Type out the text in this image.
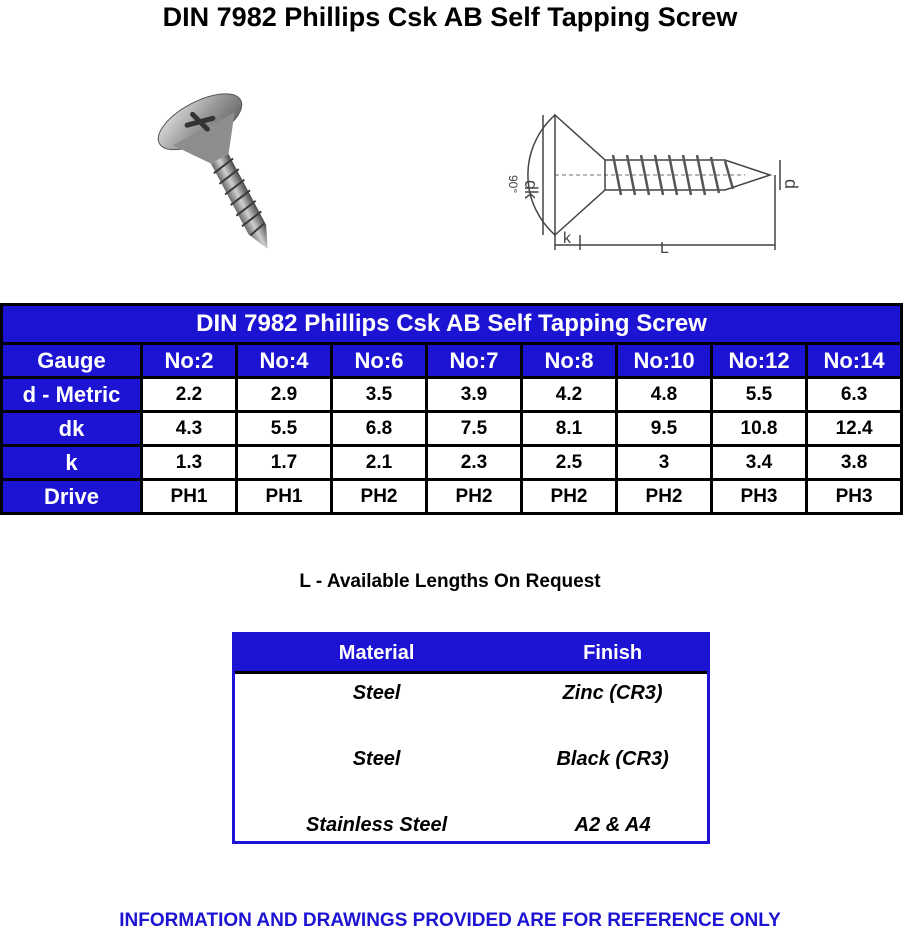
DIN 7982 Phillips Csk AB Self Tapping Screw
90° dk	d
k
L
DIN 7982 Phillips Csk AB Self Tapping Screw								
Gauge	No:2	No:4	No:6	No:7	No:8	No:10	No:12	No:14
d - Metric	2.2	2.9	3.5	3.9	4.2	4.8	5.5	6.3
dk	4.3	5.5	6.8	7.5	8.1	9.5	10.8	12.4
k	1.3	1.7	2.1	2.3	2.5	3	3.4	3.8
Drive	PH1	PH1	PH2	PH2	PH2	PH2	PH3	PH3
L - Available Lengths On Request
Material	Finish
Steel	Zinc (CR3)
Steel	Black (CR3)
Stainless Steel	A2 & A4
INFORMATION AND DRAWINGS PROVIDED ARE FOR REFERENCE ONLY
